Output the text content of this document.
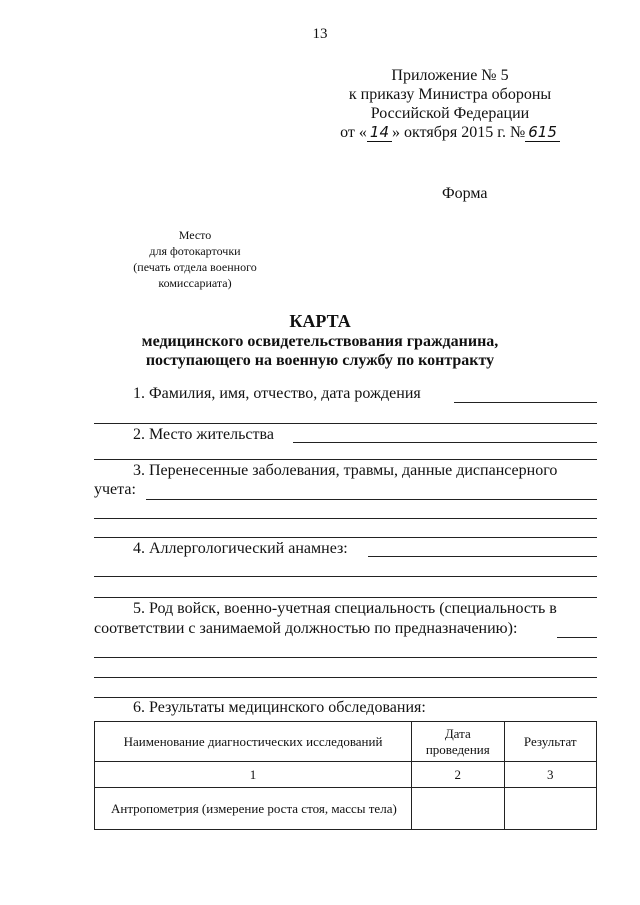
13
Приложение № 5
к приказу Министра обороны
Российской Федерации
от « 14 » октября 2015 г. № 615
Форма
Место
для фотокарточки
(печать отдела военного
комиссариата)
КАРТА
медицинского освидетельствования гражданина,
поступающего на военную службу по контракту
1. Фамилия, имя, отчество, дата рождения
2. Место жительства
3. Перенесенные заболевания, травмы, данные диспансерного
учета:
4. Аллергологический анамнез:
5. Род войск, военно-учетная специальность (специальность в
соответствии с занимаемой должностью по предназначению):
6. Результаты медицинского обследования:
Наименование диагностических исследований	Дата проведения	Результат
1	2	3
Антропометрия (измерение роста стоя, массы тела)		
